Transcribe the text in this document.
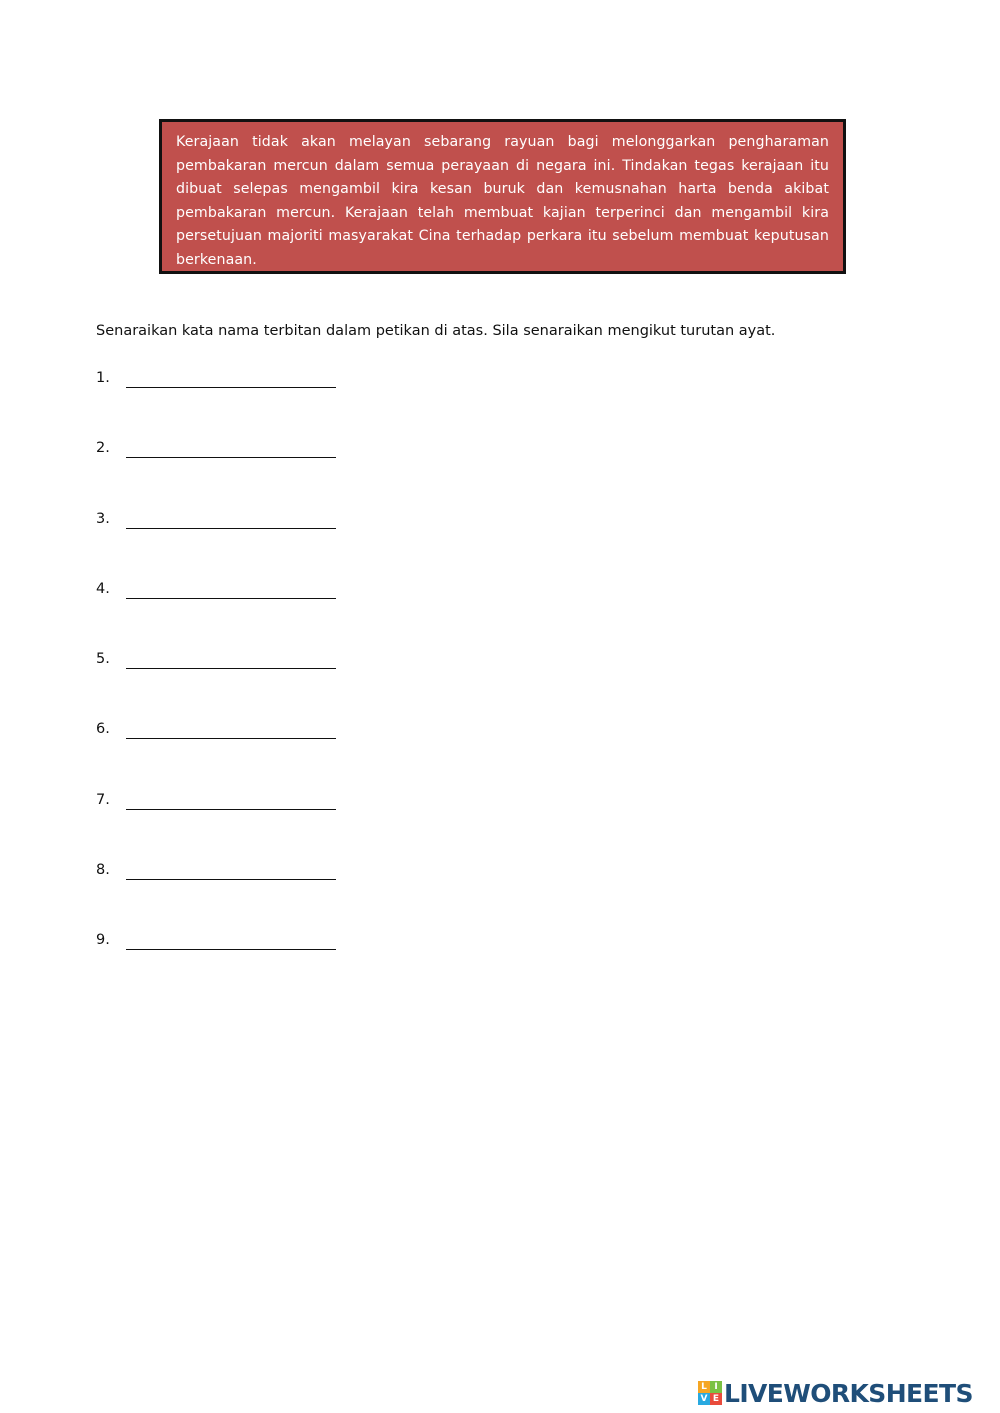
Kerajaan tidak akan melayan sebarang rayuan bagi melonggarkan pengharaman pembakaran mercun dalam semua perayaan di negara ini. Tindakan tegas kerajaan itu dibuat selepas mengambil kira kesan buruk dan kemusnahan harta benda akibat pembakaran mercun. Kerajaan telah membuat kajian terperinci dan mengambil kira persetujuan majoriti masyarakat Cina terhadap perkara itu sebelum membuat keputusan berkenaan.

Senaraikan kata nama terbitan dalam petikan di atas. Sila senaraikan mengikut turutan ayat.
1.
2.
3.
4.
5.
6.
7.
8.
9.
L I
V E LIVEWORKSHEETS
